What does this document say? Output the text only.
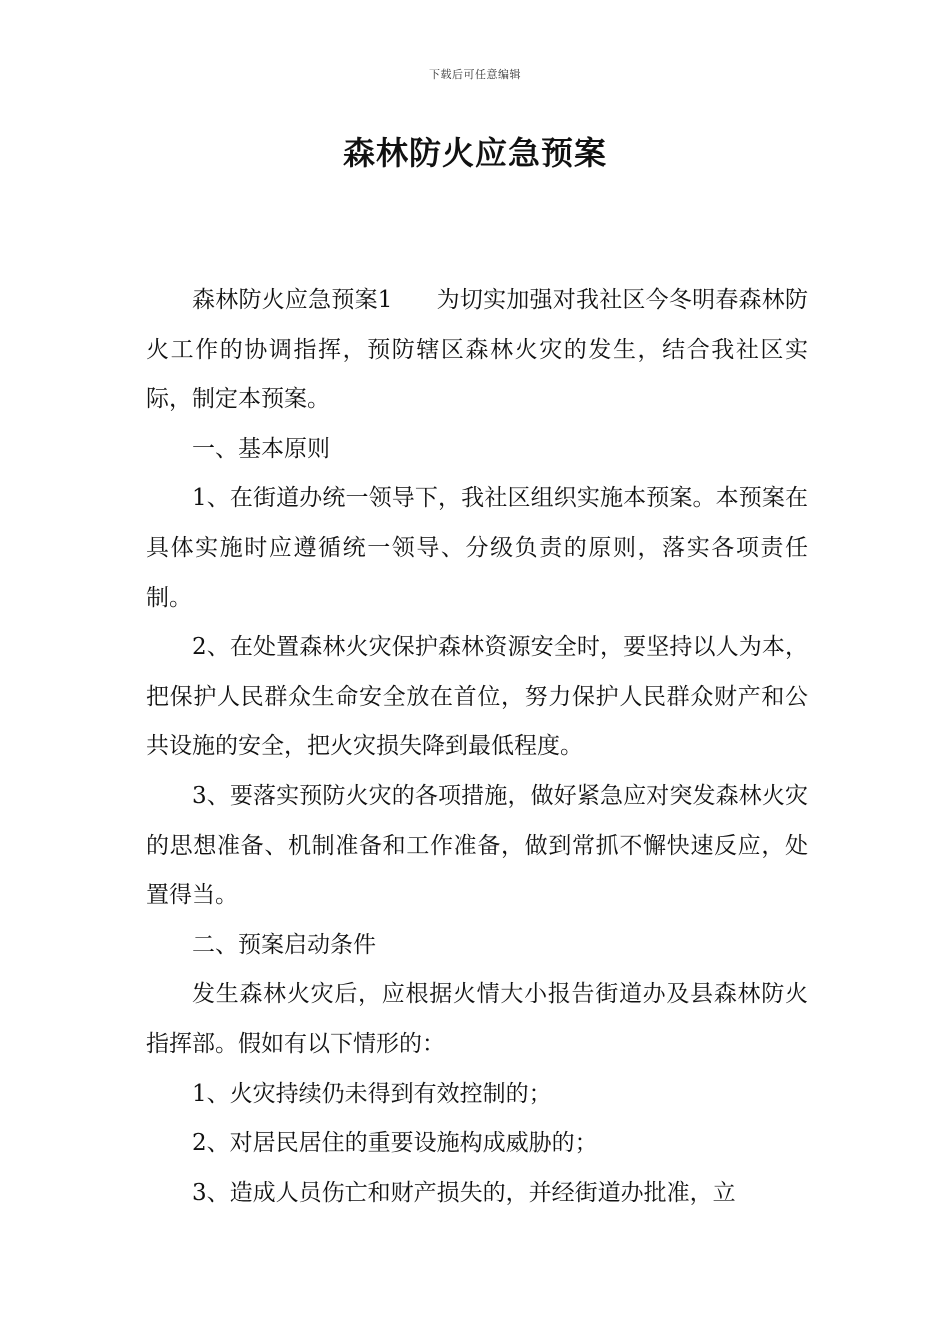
下载后可任意编辑
森林防火应急预案

森林防火应急预案1 为切实加强对我社区今冬明春森林防火工作的协调指挥，预防辖区森林火灾的发生，结合我社区实际，制定本预案。

一、基本原则

1、在街道办统一领导下，我社区组织实施本预案。本预案在具体实施时应遵循统一领导、分级负责的原则，落实各项责任制。

2、在处置森林火灾保护森林资源安全时，要坚持以人为本，把保护人民群众生命安全放在首位，努力保护人民群众财产和公共设施的安全，把火灾损失降到最低程度。

3、要落实预防火灾的各项措施，做好紧急应对突发森林火灾的思想准备、机制准备和工作准备，做到常抓不懈快速反应，处置得当。

二、预案启动条件

发生森林火灾后，应根据火情大小报告街道办及县森林防火指挥部。假如有以下情形的：

1、火灾持续仍未得到有效控制的；

2、对居民居住的重要设施构成威胁的；

3、造成人员伤亡和财产损失的，并经街道办批准，立
